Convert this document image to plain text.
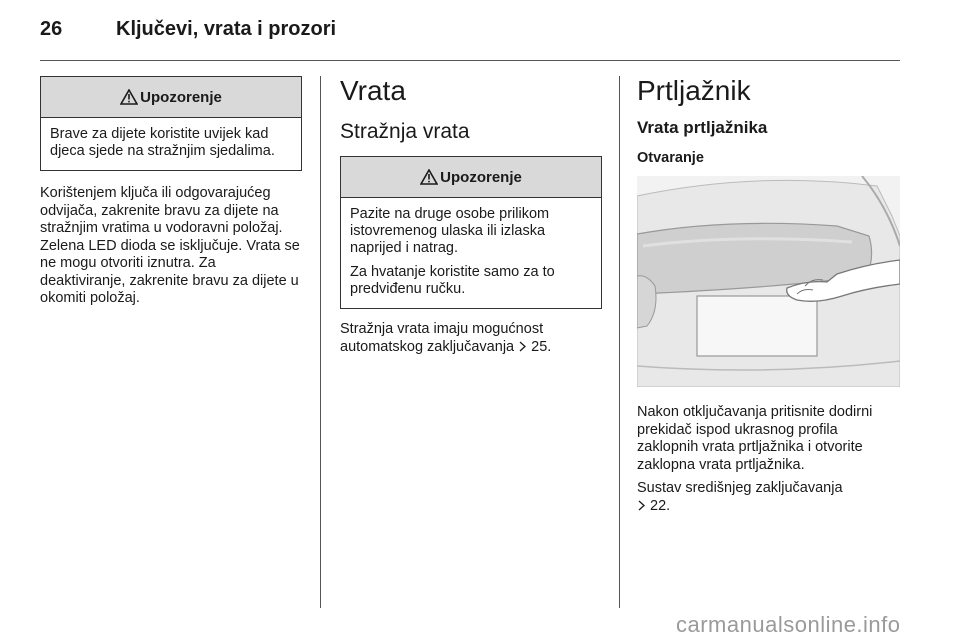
26	Ključevi, vrata i prozori
Upozorenje

Brave za dijete koristite uvijek kad djeca sjede na stražnjim sjedalima.

Korištenjem ključa ili odgovarajućeg odvijača, zakrenite bravu za dijete na stražnjim vratima u vodoravni položaj. Zelena LED dioda se isključuje. Vrata se ne mogu otvoriti iznutra. Za deaktiviranje, zakrenite bravu za dijete u okomiti položaj.

Vrata
Stražnja vrata
Upozorenje

Pazite na druge osobe prilikom istovremenog ulaska ili izlaska naprijed i natrag.

Za hvatanje koristite samo za to predviđenu ručku.

Stražnja vrata imaju mogućnost automatskog zaključavanja 25.

Prtljažnik
Vrata prtljažnika
Otvaranje

Nakon otključavanja pritisnite dodirni prekidač ispod ukrasnog profila zaklopnih vrata prtljažnika i otvorite zaklopna vrata prtljažnika.

Sustav središnjeg zaključavanja
22.

carmanualsonline.info
